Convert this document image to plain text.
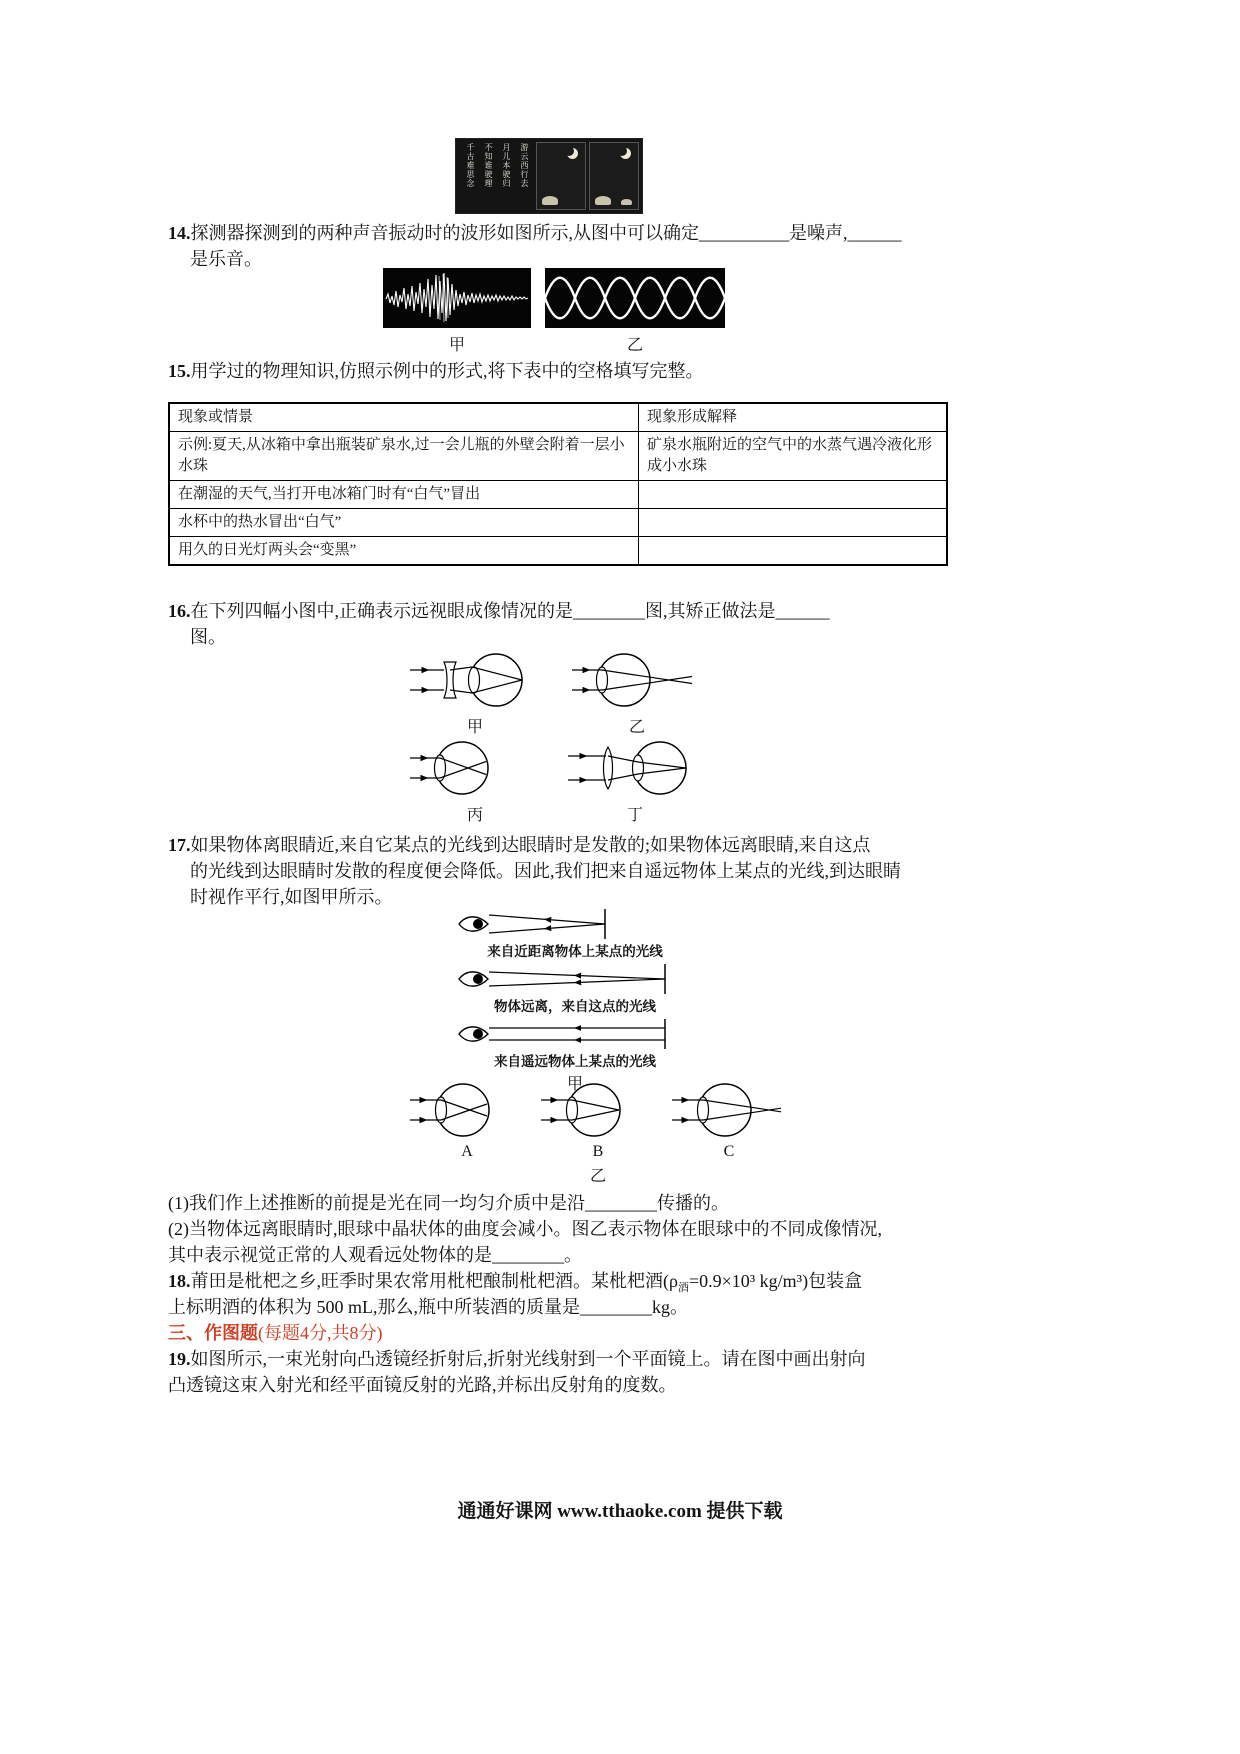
游云西行去
月儿本驶归
不知谁驶理
千古难思念
14.探测器探测到的两种声音振动时的波形如图所示,从图中可以确定__________是噪声,______
是乐音。
甲	乙
15.用学过的物理知识,仿照示例中的形式,将下表中的空格填写完整。
现象或情景	现象形成解释
示例:夏天,从冰箱中拿出瓶装矿泉水,过一会儿瓶的外壁会附着一层小水珠	矿泉水瓶附近的空气中的水蒸气遇冷液化形成小水珠
在潮湿的天气,当打开电冰箱门时有“白气”冒出	
水杯中的热水冒出“白气”	
用久的日光灯两头会“变黑”	
16.在下列四幅小图中,正确表示远视眼成像情况的是________图,其矫正做法是______
图。
甲	乙
丙	丁
17.如果物体离眼睛近,来自它某点的光线到达眼睛时是发散的;如果物体远离眼睛,来自这点
的光线到达眼睛时发散的程度便会降低。因此,我们把来自遥远物体上某点的光线,到达眼睛
时视作平行,如图甲所示。
来自近距离物体上某点的光线
物体远离，来自这点的光线
来自遥远物体上某点的光线
甲
A	B	C
乙
(1)我们作上述推断的前提是光在同一均匀介质中是沿________传播的。
(2)当物体远离眼睛时,眼球中晶状体的曲度会减小。图乙表示物体在眼球中的不同成像情况,
其中表示视觉正常的人观看远处物体的是________。
18.莆田是枇杷之乡,旺季时果农常用枇杷酿制枇杷酒。某枇杷酒($\rho_酒=0.9\times 10^3$ kg/m³)包装盒
上标明酒的体积为 500 mL,那么,瓶中所装酒的质量是________kg。
三、作图题(每题4分,共8分)
19.如图所示,一束光射向凸透镜经折射后,折射光线射到一个平面镜上。请在图中画出射向
凸透镜这束入射光和经平面镜反射的光路,并标出反射角的度数。
通通好课网 www.tthaoke.com 提供下载
